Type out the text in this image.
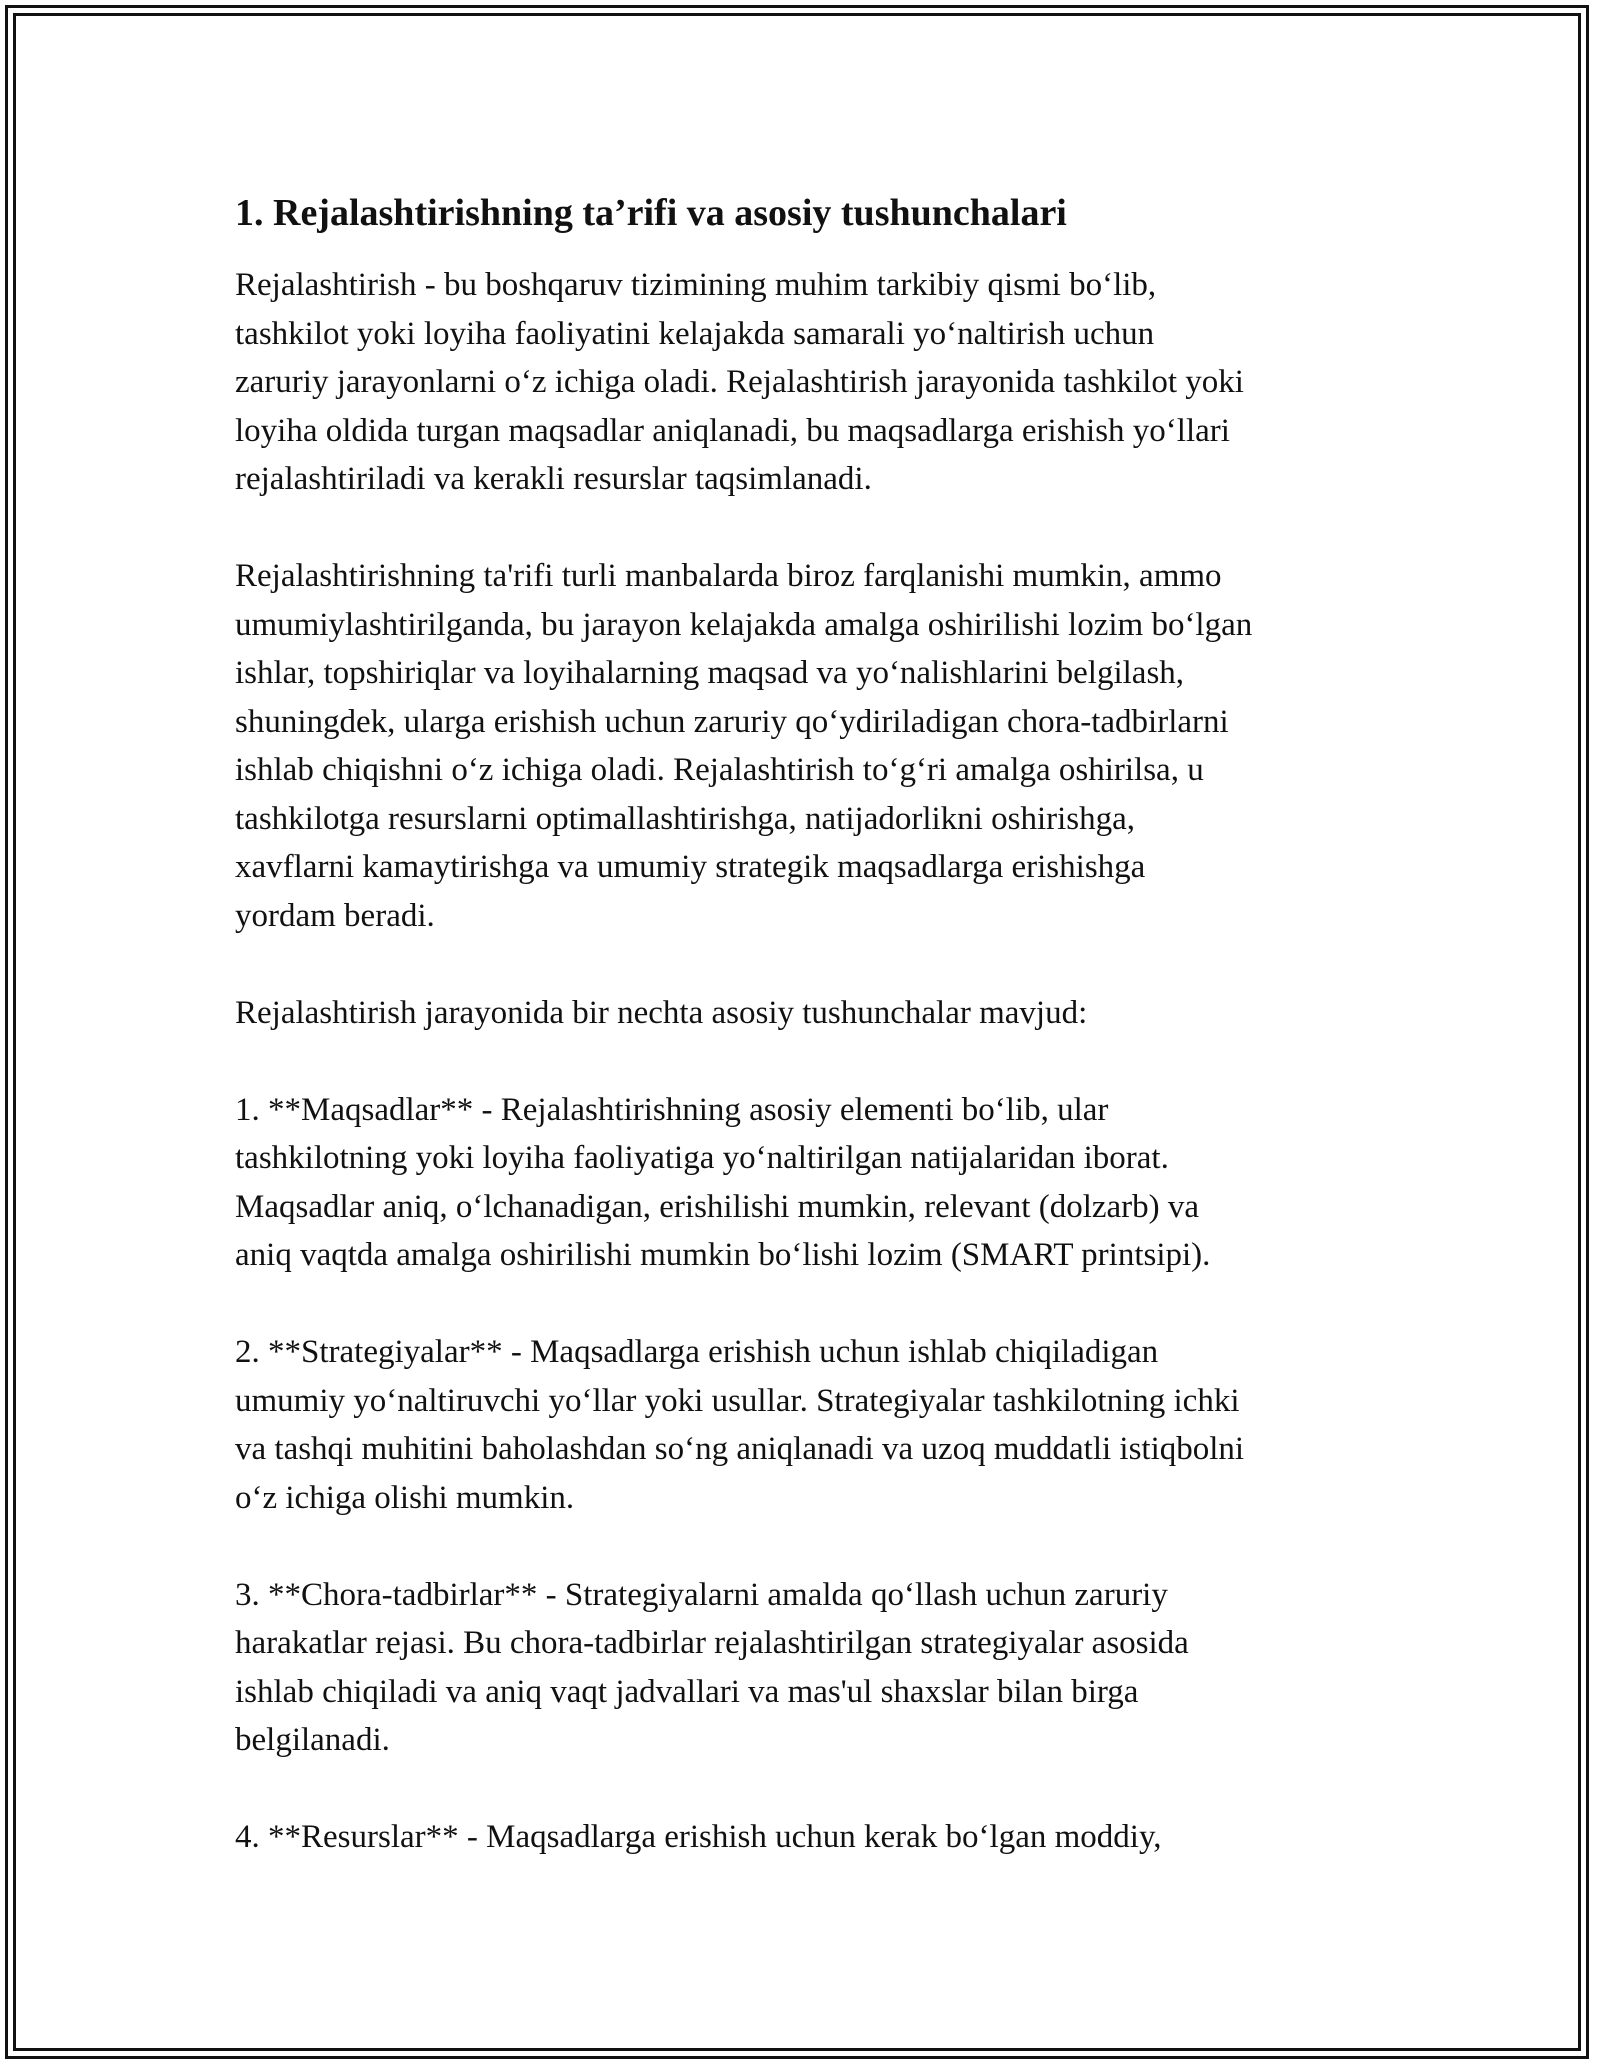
1. Rejalashtirishning ta’rifi va asosiy tushunchalari

Rejalashtirish - bu boshqaruv tizimining muhim tarkibiy qismi bo‘lib,
tashkilot yoki loyiha faoliyatini kelajakda samarali yo‘naltirish uchun
zaruriy jarayonlarni o‘z ichiga oladi. Rejalashtirish jarayonida tashkilot yoki
loyiha oldida turgan maqsadlar aniqlanadi, bu maqsadlarga erishish yo‘llari
rejalashtiriladi va kerakli resurslar taqsimlanadi.

Rejalashtirishning ta'rifi turli manbalarda biroz farqlanishi mumkin, ammo
umumiylashtirilganda, bu jarayon kelajakda amalga oshirilishi lozim bo‘lgan
ishlar, topshiriqlar va loyihalarning maqsad va yo‘nalishlarini belgilash,
shuningdek, ularga erishish uchun zaruriy qo‘ydiriladigan chora-tadbirlarni
ishlab chiqishni o‘z ichiga oladi. Rejalashtirish to‘g‘ri amalga oshirilsa, u
tashkilotga resurslarni optimallashtirishga, natijadorlikni oshirishga,
xavflarni kamaytirishga va umumiy strategik maqsadlarga erishishga
yordam beradi.

Rejalashtirish jarayonida bir nechta asosiy tushunchalar mavjud:

1. **Maqsadlar** - Rejalashtirishning asosiy elementi bo‘lib, ular
tashkilotning yoki loyiha faoliyatiga yo‘naltirilgan natijalaridan iborat.
Maqsadlar aniq, o‘lchanadigan, erishilishi mumkin, relevant (dolzarb) va
aniq vaqtda amalga oshirilishi mumkin bo‘lishi lozim (SMART printsipi).

2. **Strategiyalar** - Maqsadlarga erishish uchun ishlab chiqiladigan
umumiy yo‘naltiruvchi yo‘llar yoki usullar. Strategiyalar tashkilotning ichki
va tashqi muhitini baholashdan so‘ng aniqlanadi va uzoq muddatli istiqbolni
o‘z ichiga olishi mumkin.

3. **Chora-tadbirlar** - Strategiyalarni amalda qo‘llash uchun zaruriy
harakatlar rejasi. Bu chora-tadbirlar rejalashtirilgan strategiyalar asosida
ishlab chiqiladi va aniq vaqt jadvallari va mas'ul shaxslar bilan birga
belgilanadi.

4. **Resurslar** - Maqsadlarga erishish uchun kerak bo‘lgan moddiy,
